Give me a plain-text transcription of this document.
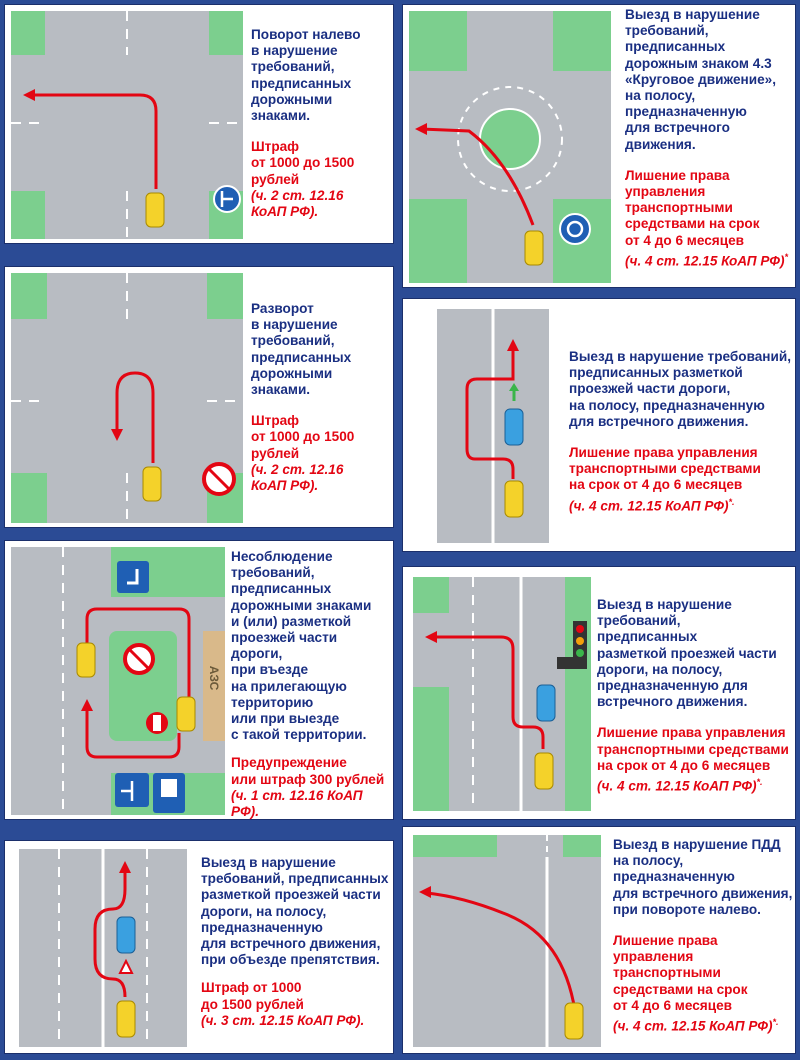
Поворот налево
в нарушение
требований,
предписанных
дорожными знаками.
Штраф
от 1000 до 1500
рублей
(ч. 2 ст. 12.16
КоАП РФ).
Выезд в нарушение
требований,
предписанных
дорожным знаком 4.3
«Круговое движение»,
на полосу,
предназначенную
для встречного
движения.
Лишение права
управления
транспортными
средствами на срок
от 4 до 6 месяцев
(ч. 4 ст. 12.15 КоАП РФ)*
Разворот
в нарушение
требований,
предписанных
дорожными знаками.
Штраф
от 1000 до 1500
рублей
(ч. 2 ст. 12.16
КоАП РФ).
Выезд в нарушение требований,
предписанных разметкой
проезжей части дороги,
на полосу, предназначенную
для встречного движения.
Лишение права управления
транспортными средствами
на срок от 4 до 6 месяцев
(ч. 4 ст. 12.15 КоАП РФ)*.
АЗС
Несоблюдение
требований,
предписанных
дорожными знаками
и (или) разметкой
проезжей части дороги,
при въезде
на прилегающую
территорию
или при выезде
с такой территории.
Предупреждение
или штраф 300 рублей
(ч. 1 ст. 12.16 КоАП РФ).
Выезд в нарушение
требований,
предписанных
разметкой проезжей части
дороги, на полосу,
предназначенную для
встречного движения.
Лишение права управления
транспортными средствами
на срок от 4 до 6 месяцев
(ч. 4 ст. 12.15 КоАП РФ)*.
Выезд в нарушение
требований, предписанных
разметкой проезжей части
дороги, на полосу,
предназначенную
для встречного движения,
при объезде препятствия.
Штраф от 1000
до 1500 рублей
(ч. 3 ст. 12.15 КоАП РФ).
Выезд в нарушение ПДД
на полосу,
предназначенную
для встречного движения,
при повороте налево.
Лишение права
управления
транспортными
средствами на срок
от 4 до 6 месяцев
(ч. 4 ст. 12.15 КоАП РФ)*.
